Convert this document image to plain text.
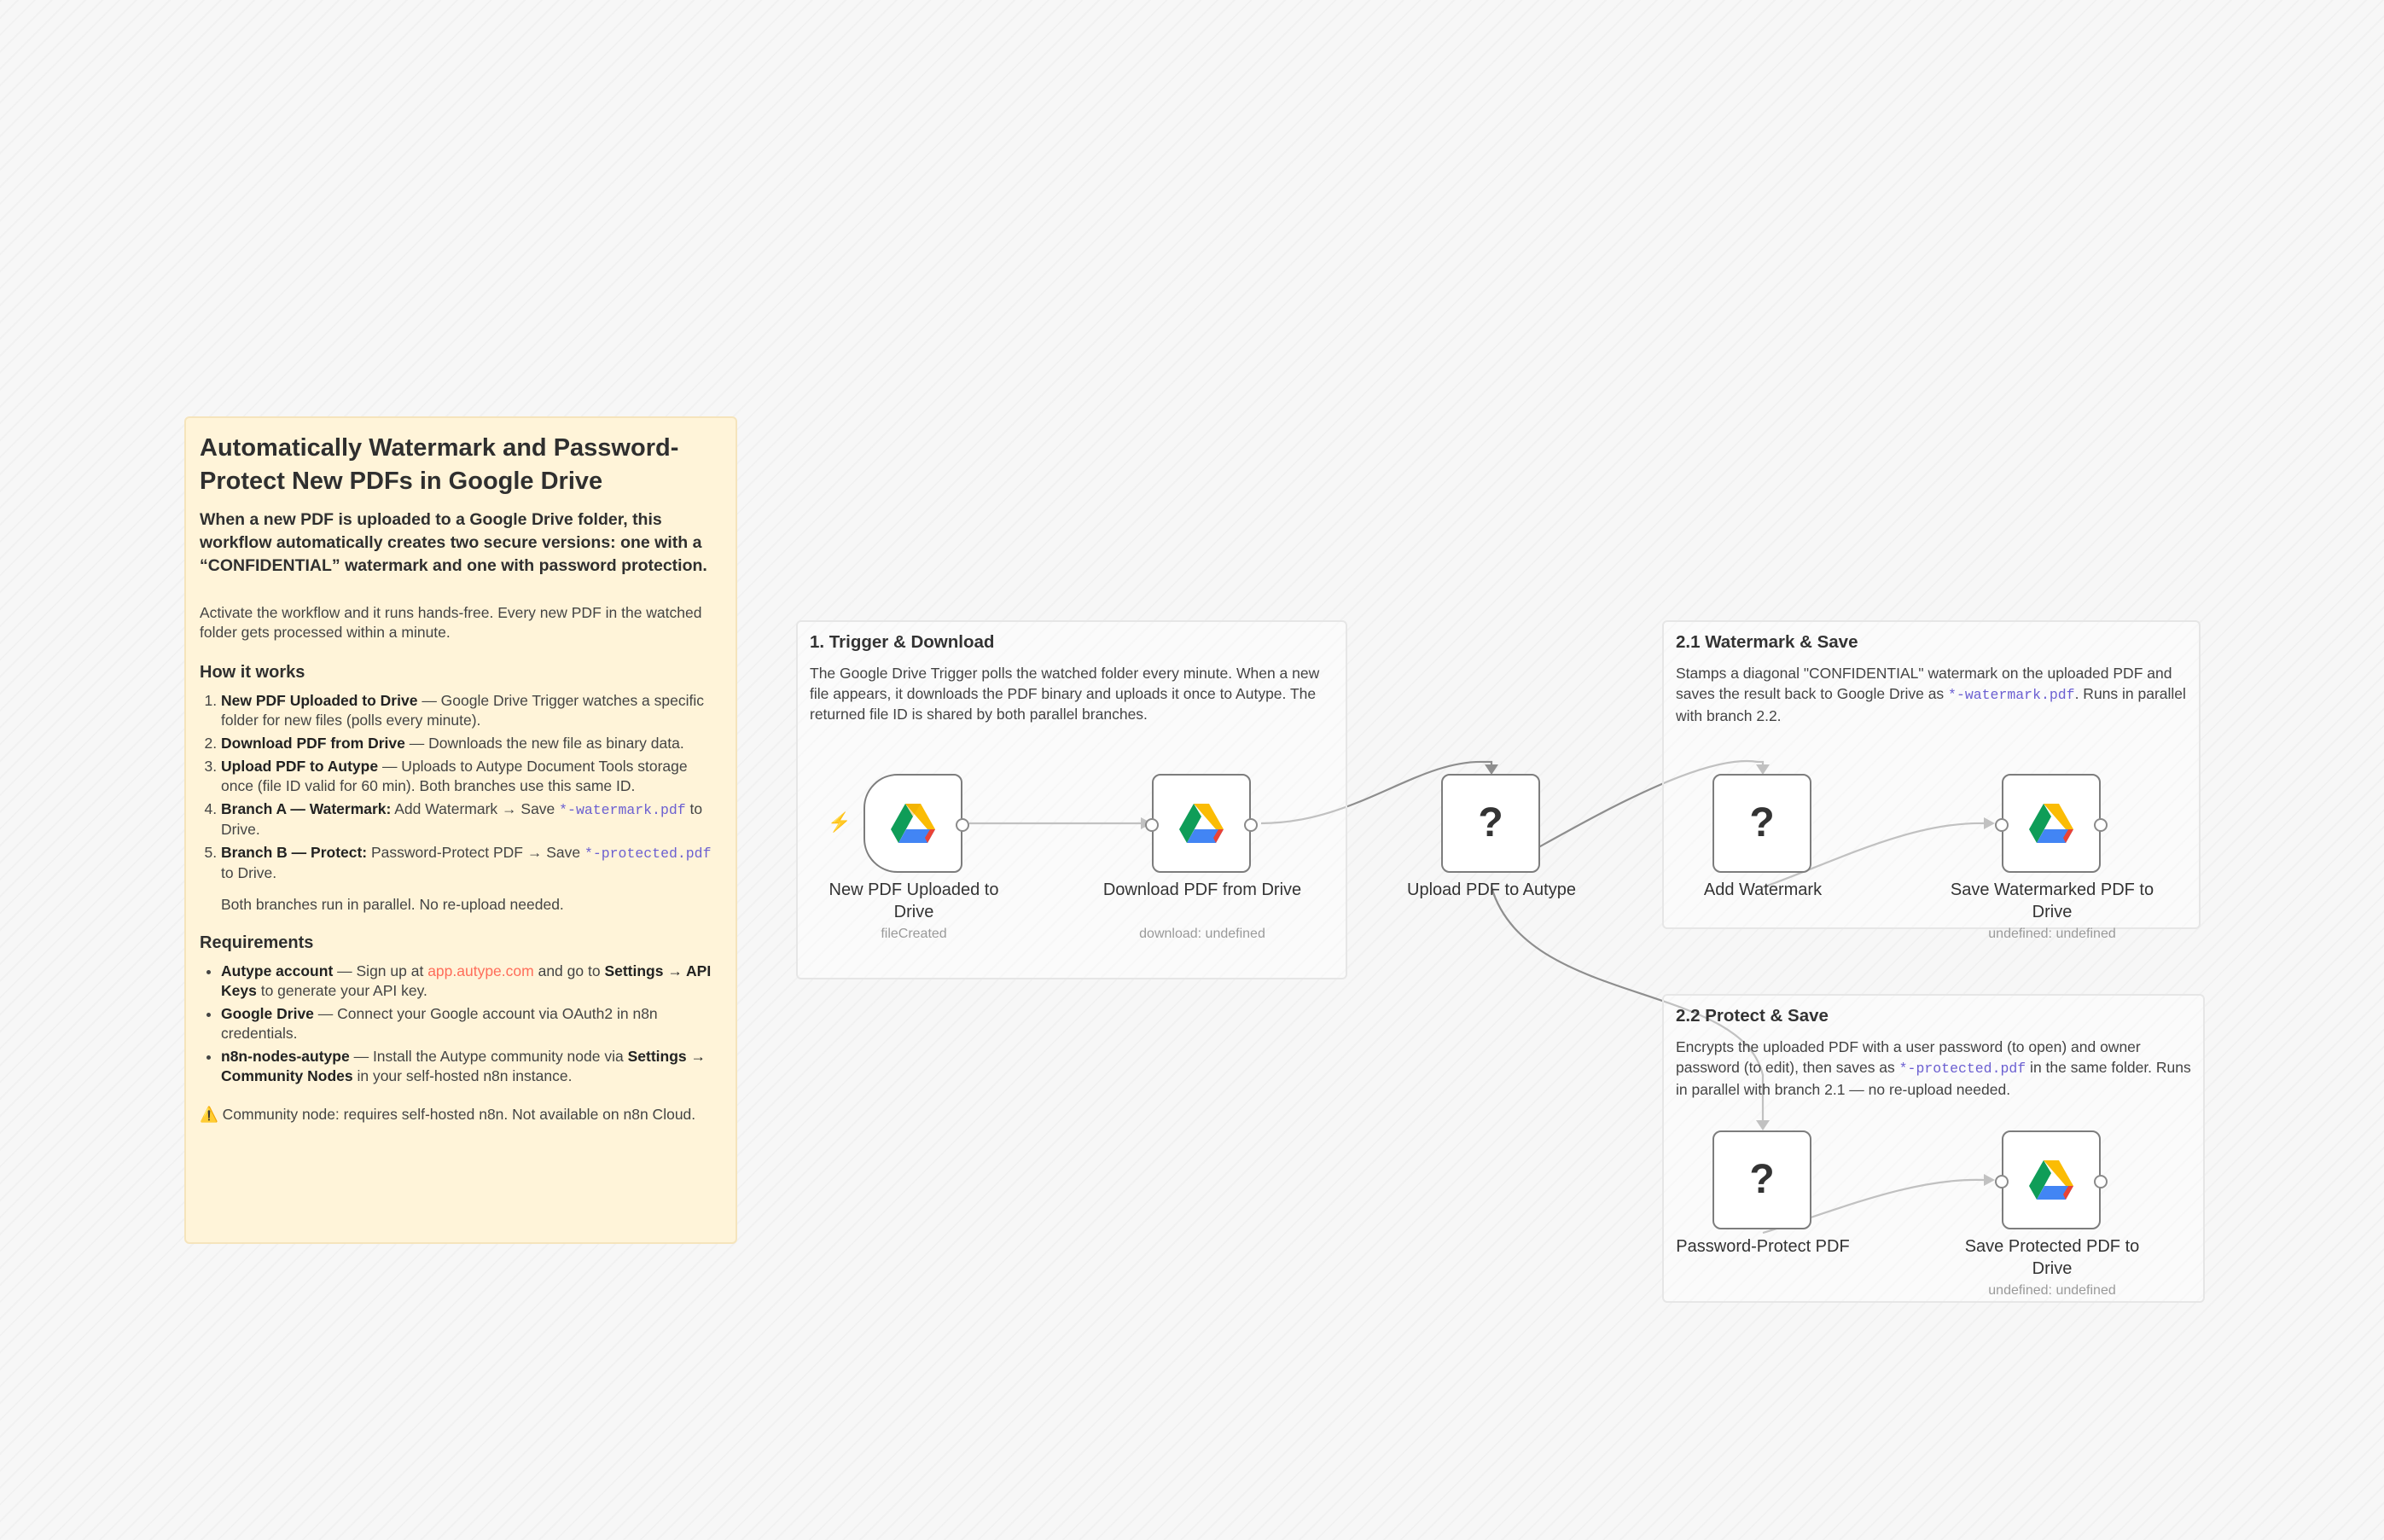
Automatically Watermark and Password-Protect New PDFs in Google Drive

When a new PDF is uploaded to a Google Drive folder, this workflow automatically creates two secure versions: one with a “CONFIDENTIAL” watermark and one with password protection.

Activate the workflow and it runs hands-free. Every new PDF in the watched folder gets processed within a minute.

How it works
1. New PDF Uploaded to Drive — Google Drive Trigger watches a specific folder for new files (polls every minute).
2. Download PDF from Drive — Downloads the new file as binary data.
3. Upload PDF to Autype — Uploads to Autype Document Tools storage once (file ID valid for 60 min). Both branches use this same ID.
4. Branch A — Watermark: Add Watermark → Save *-watermark.pdf to Drive.
5. Branch B — Protect: Password-Protect PDF → Save *-protected.pdf to Drive.

Both branches run in parallel. No re-upload needed.

Requirements
• Autype account — Sign up at app.autype.com and go to Settings → API Keys to generate your API key.
• Google Drive — Connect your Google account via OAuth2 in n8n credentials.
• n8n-nodes-autype — Install the Autype community node via Settings → Community Nodes in your self-hosted n8n instance.

⚠️ Community node: requires self-hosted n8n. Not available on n8n Cloud.

1. Trigger & Download

The Google Drive Trigger polls the watched folder every minute. When a new file appears, it downloads the PDF binary and uploads it once to Autype. The returned file ID is shared by both parallel branches.

2.1 Watermark & Save

Stamps a diagonal "CONFIDENTIAL" watermark on the uploaded PDF and saves the result back to Google Drive as *-watermark.pdf. Runs in parallel with branch 2.2.

2.2 Protect & Save

Encrypts the uploaded PDF with a user password (to open) and owner password (to edit), then saves as *-protected.pdf in the same folder. Runs in parallel with branch 2.1 — no re-upload needed.

⚡
New PDF Uploaded to Drive
fileCreated
Download PDF from Drive
download: undefined
?
Upload PDF to Autype
?
Add Watermark	Save Watermarked PDF to Drive
undefined: undefined
?
Password-Protect PDF	Save Protected PDF to Drive
undefined: undefined
